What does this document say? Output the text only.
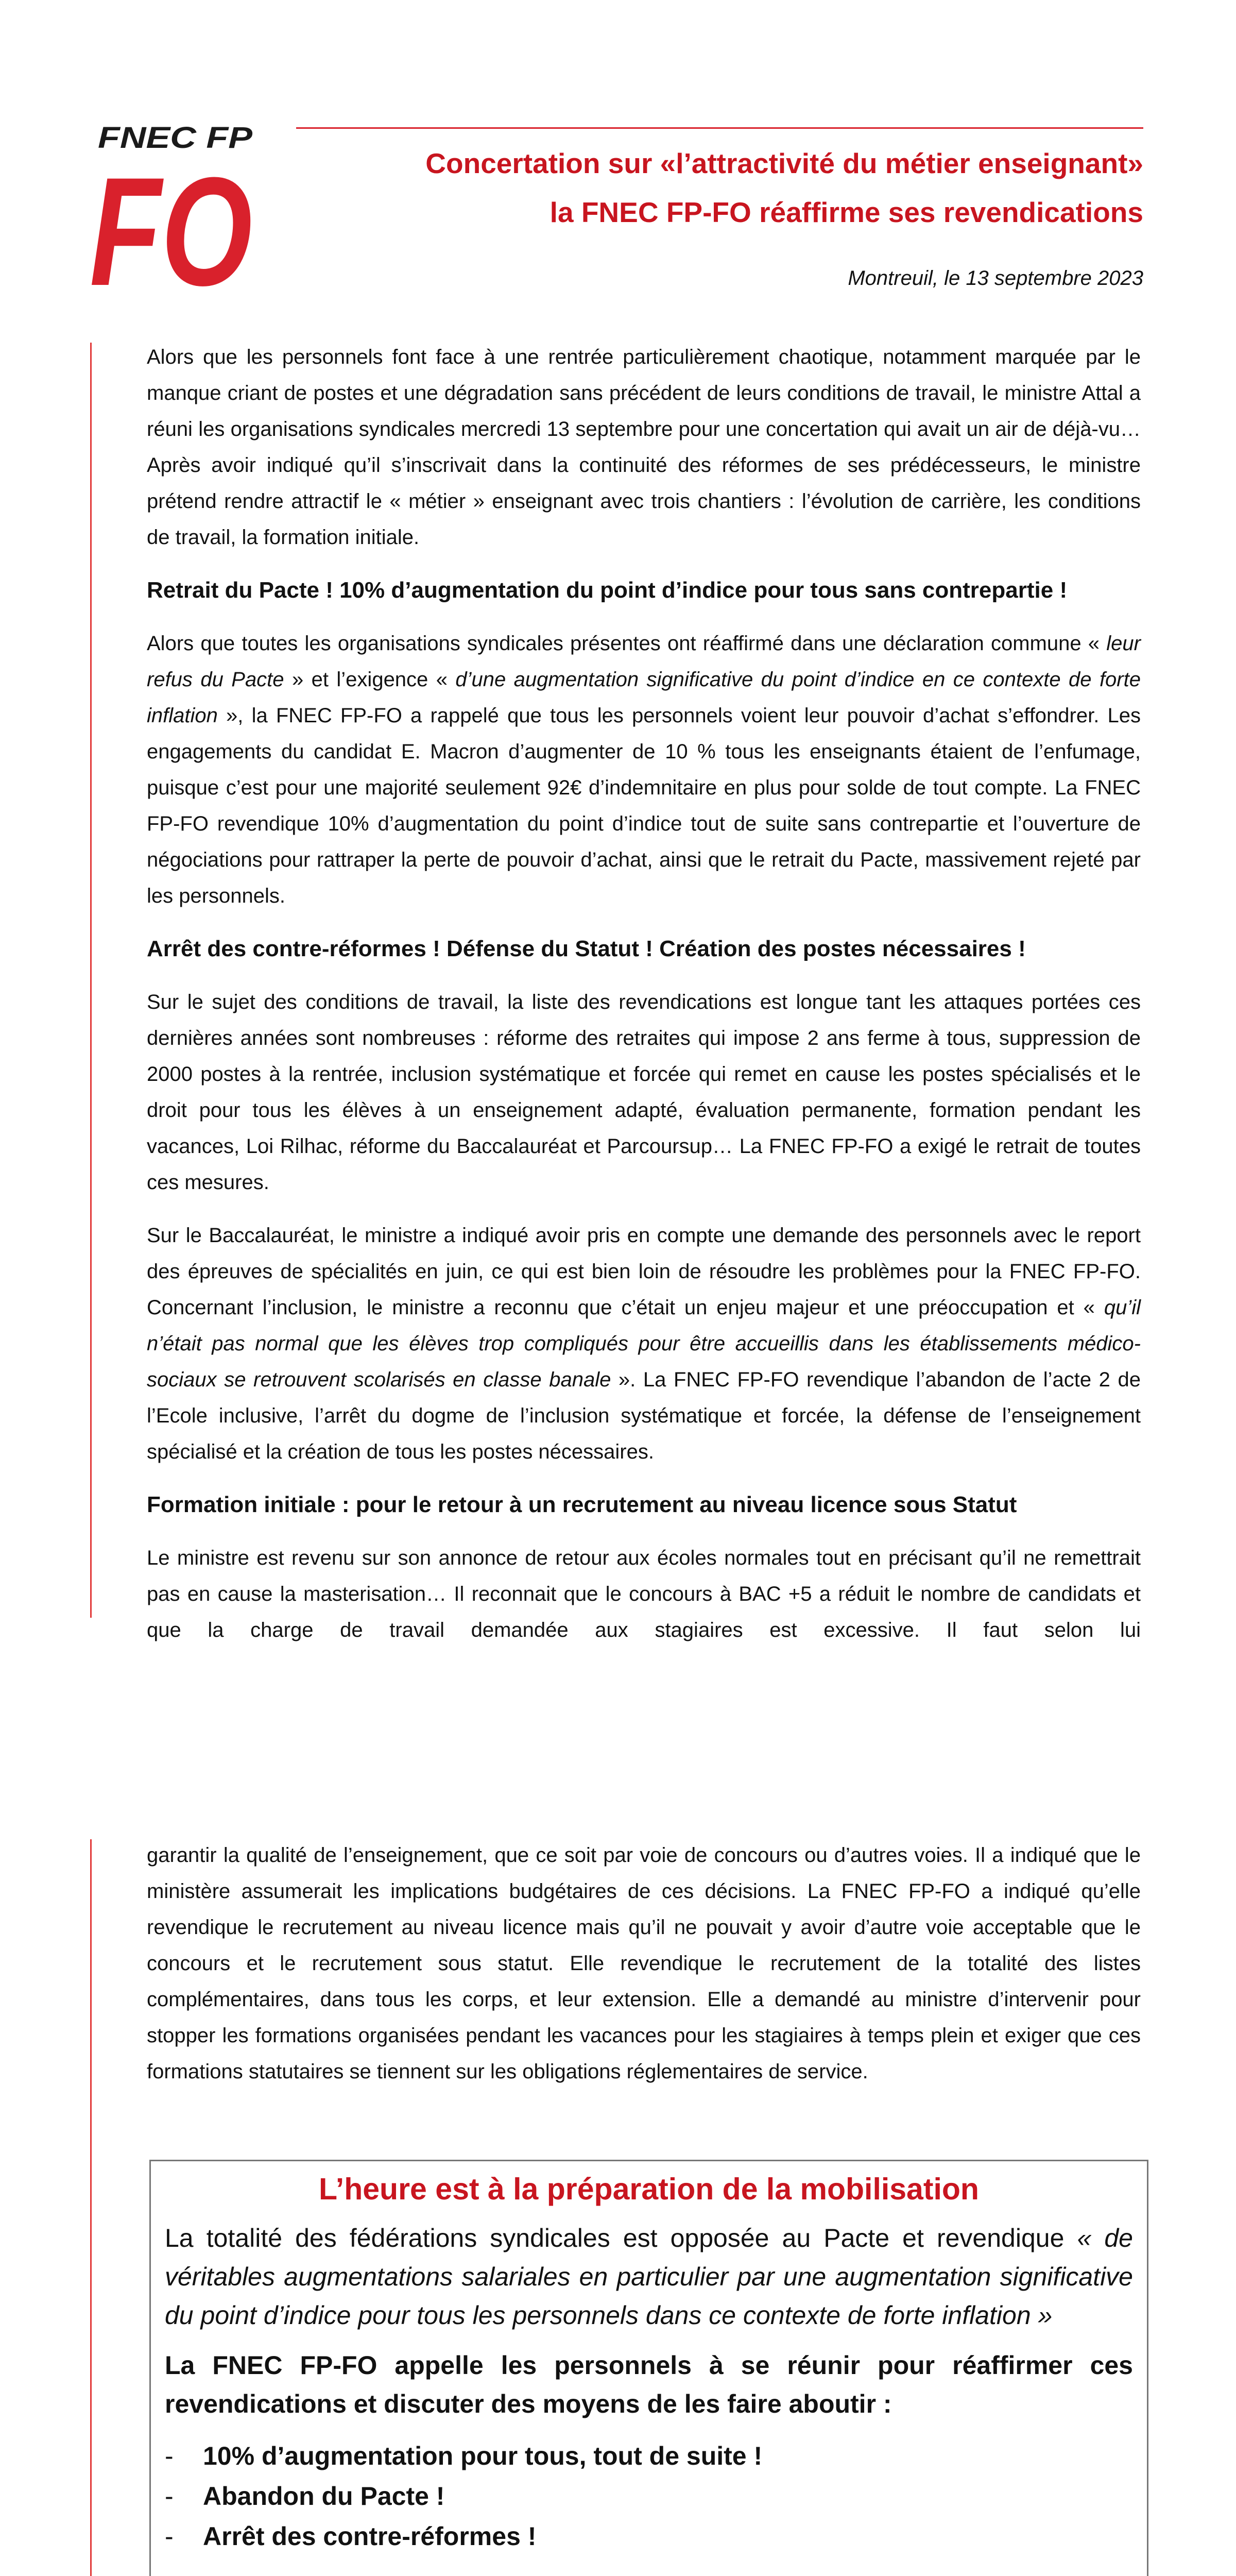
FNEC FP
FO	Concertation sur «l’attractivité du métier enseignant»
la FNEC FP-FO réaffirme ses revendications
Montreuil, le 13 septembre 2023

Alors que les personnels font face à une rentrée particulièrement chaotique, notamment marquée par le manque criant de postes et une dégradation sans précédent de leurs conditions de travail, le ministre Attal a réuni les organisations syndicales mercredi 13 septembre pour une concertation qui avait un air de déjà-vu… Après avoir indiqué qu’il s’inscrivait dans la continuité des réformes de ses prédécesseurs, le ministre prétend rendre attractif le « métier » enseignant avec trois chantiers : l’évolution de carrière, les conditions de travail, la formation initiale.

Retrait du Pacte ! 10% d’augmentation du point d’indice pour tous sans contrepartie !

Alors que toutes les organisations syndicales présentes ont réaffirmé dans une déclaration commune « leur refus du Pacte » et l’exigence « d’une augmentation significative du point d’indice en ce contexte de forte inflation », la FNEC FP-FO a rappelé que tous les personnels voient leur pouvoir d’achat s’effondrer. Les engagements du candidat E. Macron d’augmenter de 10 % tous les enseignants étaient de l’enfumage, puisque c’est pour une majorité seulement 92€ d’indemnitaire en plus pour solde de tout compte. La FNEC FP-FO revendique 10% d’augmentation du point d’indice tout de suite sans contrepartie et l’ouverture de négociations pour rattraper la perte de pouvoir d’achat, ainsi que le retrait du Pacte, massivement rejeté par les personnels.

Arrêt des contre-réformes ! Défense du Statut ! Création des postes nécessaires !

Sur le sujet des conditions de travail, la liste des revendications est longue tant les attaques portées ces dernières années sont nombreuses : réforme des retraites qui impose 2 ans ferme à tous, suppression de 2000 postes à la rentrée, inclusion systématique et forcée qui remet en cause les postes spécialisés et le droit pour tous les élèves à un enseignement adapté, évaluation permanente, formation pendant les vacances, Loi Rilhac, réforme du Baccalauréat et Parcoursup… La FNEC FP-FO a exigé le retrait de toutes ces mesures.

Sur le Baccalauréat, le ministre a indiqué avoir pris en compte une demande des personnels avec le report des épreuves de spécialités en juin, ce qui est bien loin de résoudre les problèmes pour la FNEC FP-FO. Concernant l’inclusion, le ministre a reconnu que c’était un enjeu majeur et une préoccupation et « qu’il n’était pas normal que les élèves trop compliqués pour être accueillis dans les établissements médico-sociaux se retrouvent scolarisés en classe banale ». La FNEC FP-FO revendique l’abandon de l’acte 2 de l’Ecole inclusive, l’arrêt du dogme de l’inclusion systématique et forcée, la défense de l’enseignement spécialisé et la création de tous les postes nécessaires.

Formation initiale : pour le retour à un recrutement au niveau licence sous Statut

Le ministre est revenu sur son annonce de retour aux écoles normales tout en précisant qu’il ne remettrait pas en cause la masterisation… Il reconnait que le concours à BAC +5 a réduit le nombre de candidats et que la charge de travail demandée aux stagiaires est excessive. Il faut selon lui

garantir la qualité de l’enseignement, que ce soit par voie de concours ou d’autres voies. Il a indiqué que le ministère assumerait les implications budgétaires de ces décisions. La FNEC FP-FO a indiqué qu’elle revendique le recrutement au niveau licence mais qu’il ne pouvait y avoir d’autre voie acceptable que le concours et le recrutement sous statut. Elle revendique le recrutement de la totalité des listes complémentaires, dans tous les corps, et leur extension. Elle a demandé au ministre d’intervenir pour stopper les formations organisées pendant les vacances pour les stagiaires à temps plein et exiger que ces formations statutaires se tiennent sur les obligations réglementaires de service.

L’heure est à la préparation de la mobilisation

La totalité des fédérations syndicales est opposée au Pacte et revendique « de véritables augmentations salariales en particulier par une augmentation significative du point d’indice pour tous les personnels dans ce contexte de forte inflation »

La FNEC FP-FO appelle les personnels à se réunir pour réaffirmer ces revendications et discuter des moyens de les faire aboutir :

- 10% d’augmentation pour tous, tout de suite !
- Abandon du Pacte !
- Arrêt des contre-réformes !
